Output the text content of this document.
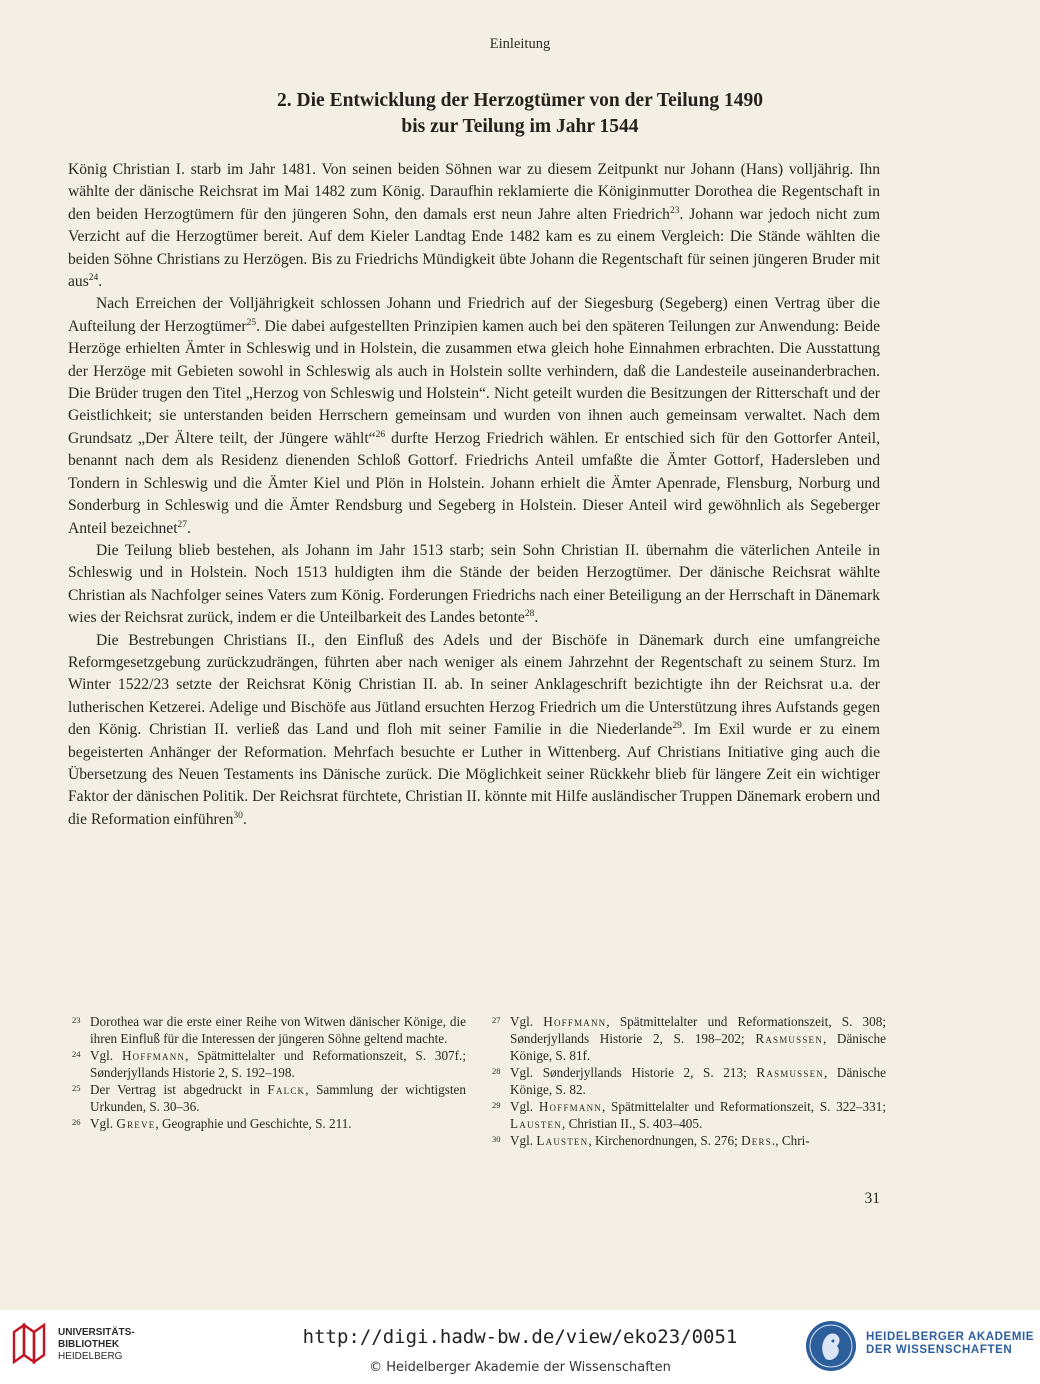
Einleitung
2. Die Entwicklung der Herzogtümer von der Teilung 1490
bis zur Teilung im Jahr 1544

König Christian I. starb im Jahr 1481. Von seinen beiden Söhnen war zu diesem Zeitpunkt nur Johann (Hans) volljährig. Ihn wählte der dänische Reichsrat im Mai 1482 zum König. Daraufhin reklamierte die Königinmutter Dorothea die Regentschaft in den beiden Herzogtümern für den jüngeren Sohn, den damals erst neun Jahre alten Friedrich$^{23}$. Johann war jedoch nicht zum Verzicht auf die Herzogtümer bereit. Auf dem Kieler Landtag Ende 1482 kam es zu einem Vergleich: Die Stände wählten die beiden Söhne Christians zu Herzögen. Bis zu Friedrichs Mündigkeit übte Johann die Regentschaft für seinen jüngeren Bruder mit aus$^{24}$.

Nach Erreichen der Volljährigkeit schlossen Johann und Friedrich auf der Siegesburg (Segeberg) einen Vertrag über die Aufteilung der Herzogtümer$^{25}$. Die dabei aufgestellten Prinzipien kamen auch bei den späteren Teilungen zur Anwendung: Beide Herzöge erhielten Ämter in Schleswig und in Holstein, die zusammen etwa gleich hohe Einnahmen erbrachten. Die Ausstattung der Herzöge mit Gebieten sowohl in Schleswig als auch in Holstein sollte verhindern, daß die Landesteile auseinanderbrachen. Die Brüder trugen den Titel „Herzog von Schleswig und Holstein“. Nicht geteilt wurden die Besitzungen der Ritterschaft und der Geistlichkeit; sie unterstanden beiden Herrschern gemeinsam und wurden von ihnen auch gemeinsam verwaltet. Nach dem Grundsatz „Der Ältere teilt, der Jüngere wählt“$^{26}$ durfte Herzog Friedrich wählen. Er entschied sich für den Gottorfer Anteil, benannt nach dem als Residenz dienenden Schloß Gottorf. Friedrichs Anteil umfaßte die Ämter Gottorf, Hadersleben und Tondern in Schleswig und die Ämter Kiel und Plön in Holstein. Johann erhielt die Ämter Apenrade, Flensburg, Norburg und Sonderburg in Schleswig und die Ämter Rendsburg und Segeberg in Holstein. Dieser Anteil wird gewöhnlich als Segeberger Anteil bezeichnet$^{27}$.

Die Teilung blieb bestehen, als Johann im Jahr 1513 starb; sein Sohn Christian II. übernahm die väterlichen Anteile in Schleswig und in Holstein. Noch 1513 huldigten ihm die Stände der beiden Herzogtümer. Der dänische Reichsrat wählte Christian als Nachfolger seines Vaters zum König. Forderungen Friedrichs nach einer Beteiligung an der Herrschaft in Dänemark wies der Reichsrat zurück, indem er die Unteilbarkeit des Landes betonte$^{28}$.

Die Bestrebungen Christians II., den Einfluß des Adels und der Bischöfe in Dänemark durch eine umfangreiche Reformgesetzgebung zurückzudrängen, führten aber nach weniger als einem Jahrzehnt der Regentschaft zu seinem Sturz. Im Winter 1522/23 setzte der Reichsrat König Christian II. ab. In seiner Anklageschrift bezichtigte ihn der Reichsrat u.a. der lutherischen Ketzerei. Adelige und Bischöfe aus Jütland ersuchten Herzog Friedrich um die Unterstützung ihres Aufstands gegen den König. Christian II. verließ das Land und floh mit seiner Familie in die Niederlande$^{29}$. Im Exil wurde er zu einem begeisterten Anhänger der Reformation. Mehrfach besuchte er Luther in Wittenberg. Auf Christians Initiative ging auch die Übersetzung des Neuen Testaments ins Dänische zurück. Die Möglichkeit seiner Rückkehr blieb für längere Zeit ein wichtiger Faktor der dänischen Politik. Der Reichsrat fürchtete, Christian II. könnte mit Hilfe ausländischer Truppen Dänemark erobern und die Reformation einführen$^{30}$.

23 Dorothea war die erste einer Reihe von Witwen dänischer Könige, die ihren Einfluß für die Interessen der jüngeren Söhne geltend machte.
24 Vgl. Hoffmann, Spätmittelalter und Reformationszeit, S. 307f.; Sønderjyllands Historie 2, S. 192–198.
25 Der Vertrag ist abgedruckt in Falck, Sammlung der wichtigsten Urkunden, S. 30–36.
26 Vgl. Greve, Geographie und Geschichte, S. 211.
27 Vgl. Hoffmann, Spätmittelalter und Reformationszeit, S. 308; Sønderjyllands Historie 2, S. 198–202; Rasmussen, Dänische Könige, S. 81f.
28 Vgl. Sønderjyllands Historie 2, S. 213; Rasmussen, Dänische Könige, S. 82.
29 Vgl. Hoffmann, Spätmittelalter und Reformationszeit, S. 322–331; Lausten, Christian II., S. 403–405.
30 Vgl. Lausten, Kirchenordnungen, S. 276; Ders., Chri-
31
UNIVERSITÄTS-
BIBLIOTHEK
HEIDELBERG
http://digi.hadw-bw.de/view/eko23/0051
© Heidelberger Akademie der Wissenschaften
HEIDELBERGER AKADEMIE
DER WISSENSCHAFTEN
